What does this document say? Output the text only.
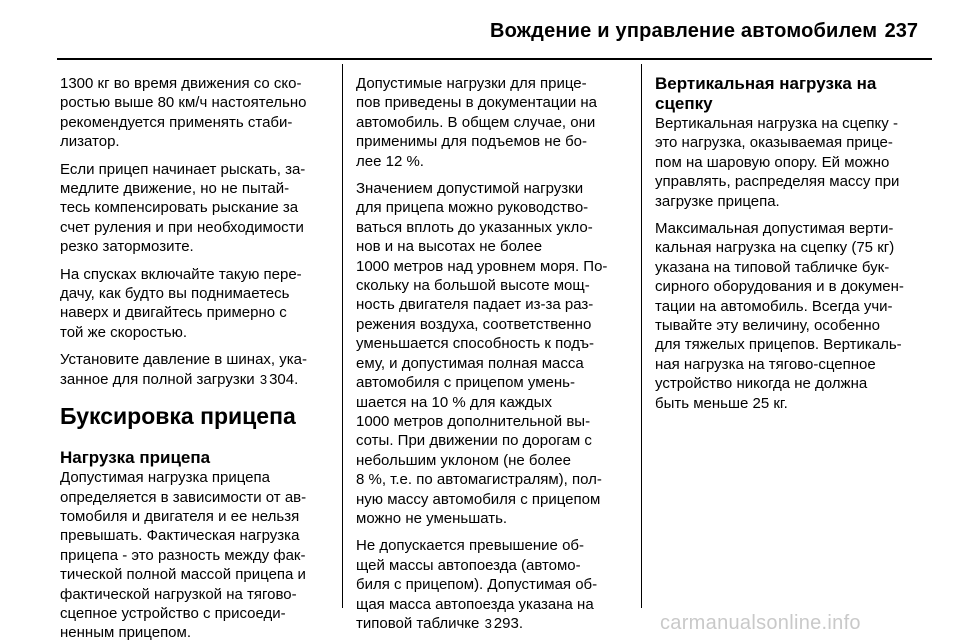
Вождение и управление автомобилем 237

1300 кг во время движения со ско-
ростью выше 80 км/ч настоятельно
рекомендуется применять стаби-
лизатор.

Если прицеп начинает рыскать, за-
медлите движение, но не пытай-
тесь компенсировать рыскание за
счет руления и при необходимости
резко затормозите.

На спусках включайте такую пере-
дачу, как будто вы поднимаетесь
наверх и двигайтесь примерно с
той же скоростью.

Установите давление в шинах, ука-
занное для полной загрузки 3 304.

Буксировка прицепа
Нагрузка прицепа

Допустимая нагрузка прицепа
определяется в зависимости от ав-
томобиля и двигателя и ее нельзя
превышать. Фактическая нагрузка
прицепа - это разность между фак-
тической полной массой прицепа и
фактической нагрузкой на тягово-
сцепное устройство с присоеди-
ненным прицепом.

Допустимые нагрузки для прице-
пов приведены в документации на
автомобиль. В общем случае, они
применимы для подъемов не бо-
лее 12 %.

Значением допустимой нагрузки
для прицепа можно руководство-
ваться вплоть до указанных укло-
нов и на высотах не более
1000 метров над уровнем моря. По-
скольку на большой высоте мощ-
ность двигателя падает из-за раз-
режения воздуха, соответственно
уменьшается способность к подъ-
ему, и допустимая полная масса
автомобиля с прицепом умень-
шается на 10 % для каждых
1000 метров дополнительной вы-
соты. При движении по дорогам с
небольшим уклоном (не более
8 %, т.е. по автомагистралям), пол-
ную массу автомобиля с прицепом
можно не уменьшать.

Не допускается превышение об-
щей массы автопоезда (автомо-
биля с прицепом). Допустимая об-
щая масса автопоезда указана на
типовой табличке 3 293.

Вертикальная нагрузка на
сцепку

Вертикальная нагрузка на сцепку -
это нагрузка, оказываемая прице-
пом на шаровую опору. Ей можно
управлять, распределяя массу при
загрузке прицепа.

Максимальная допустимая верти-
кальная нагрузка на сцепку (75 кг)
указана на типовой табличке бук-
сирного оборудования и в докумен-
тации на автомобиль. Всегда учи-
тывайте эту величину, особенно
для тяжелых прицепов. Вертикаль-
ная нагрузка на тягово-сцепное
устройство никогда не должна
быть меньше 25 кг.

carmanualsonline.info
